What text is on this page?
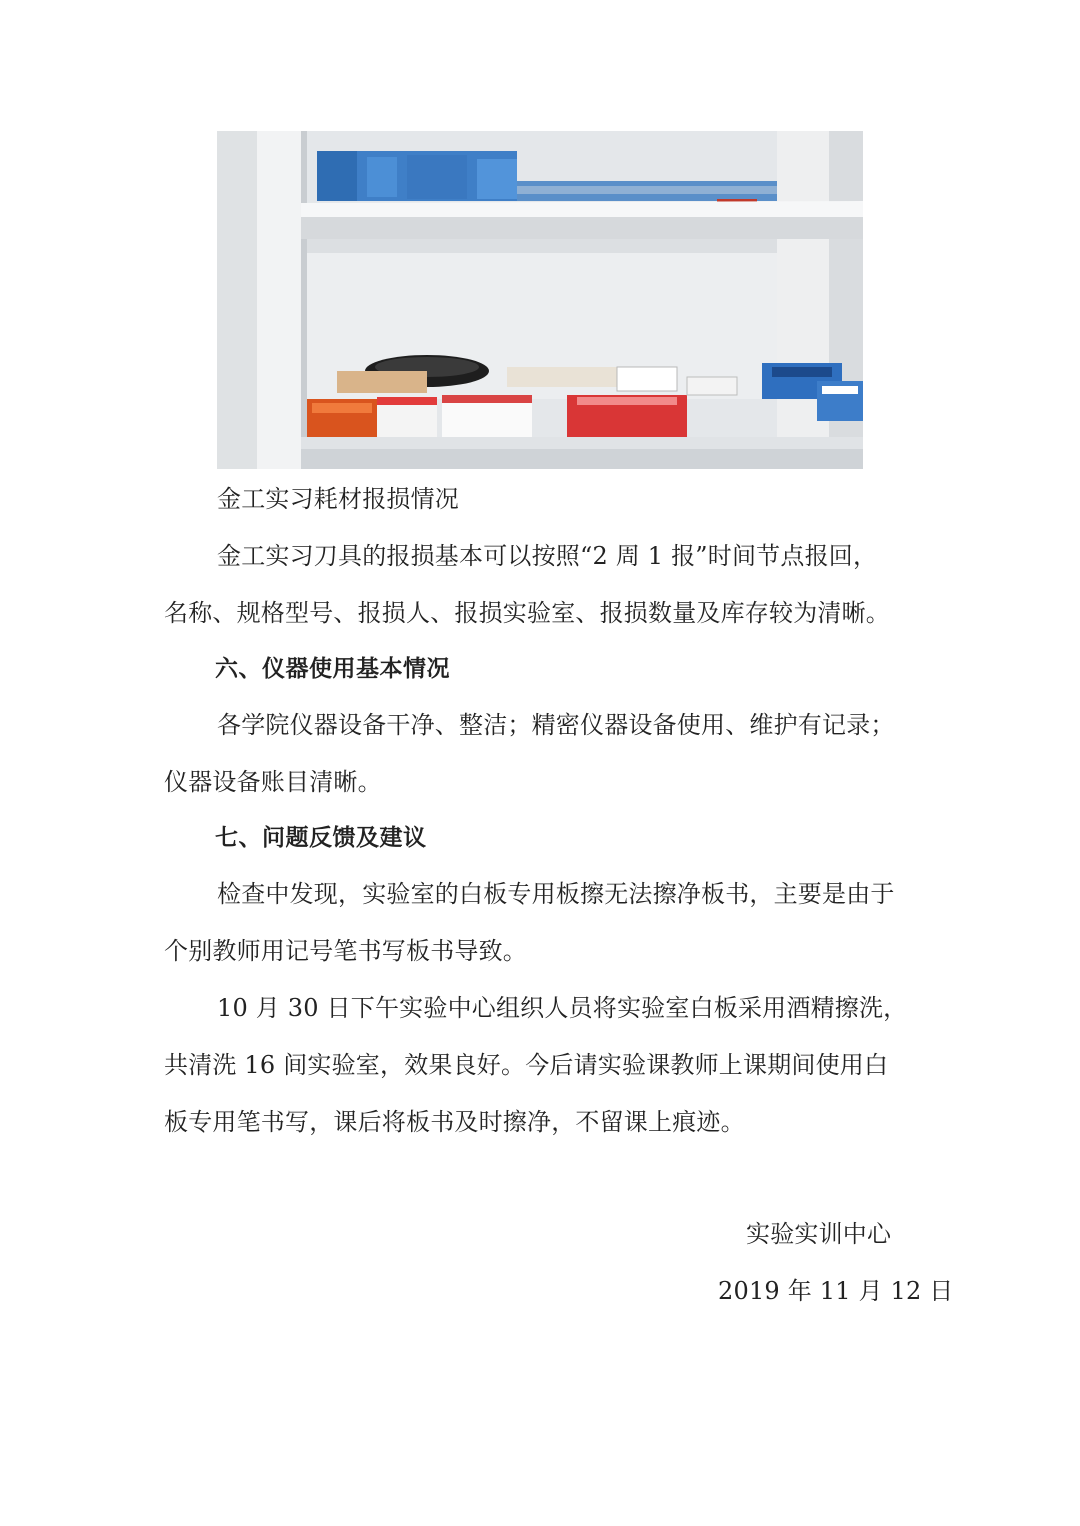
金工实习耗材报损情况
金工实习刀具的报损基本可以按照“2 周 1 报”时间节点报回，
名称、规格型号、报损人、报损实验室、报损数量及库存较为清晰。
六、仪器使用基本情况
各学院仪器设备干净、整洁；精密仪器设备使用、维护有记录；
仪器设备账目清晰。
七、问题反馈及建议
检查中发现，实验室的白板专用板擦无法擦净板书，主要是由于
个别教师用记号笔书写板书导致。
10 月 30 日下午实验中心组织人员将实验室白板采用酒精擦洗，
共清洗 16 间实验室，效果良好。今后请实验课教师上课期间使用白
板专用笔书写，课后将板书及时擦净，不留课上痕迹。
实验实训中心
2019 年 11 月 12 日
